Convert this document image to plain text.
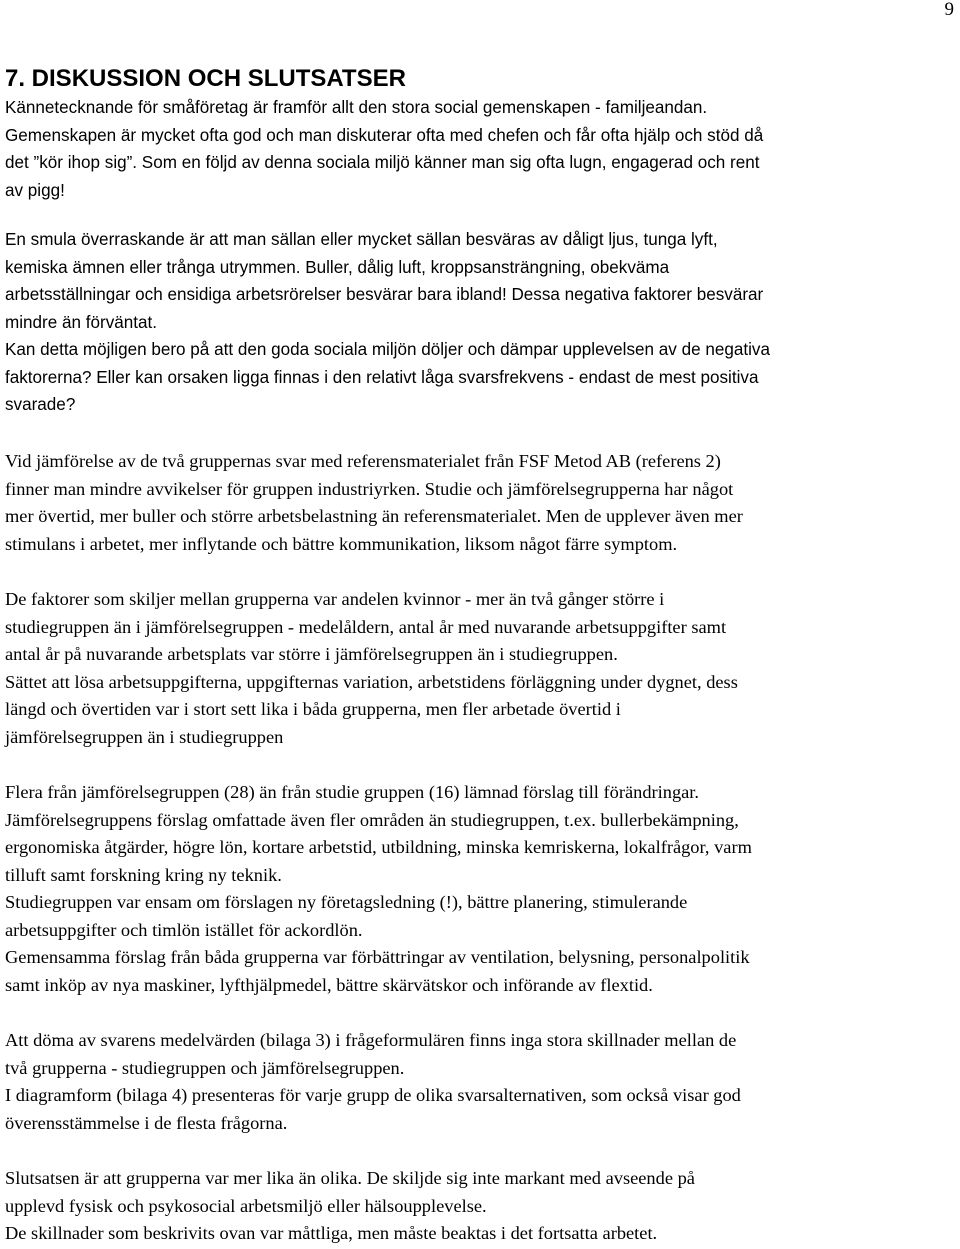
9
7. DISKUSSION OCH SLUTSATSER
Kännetecknande för småföretag är framför allt den stora social gemenskapen - familjeandan.
Gemenskapen är mycket ofta god och man diskuterar ofta med chefen och får ofta hjälp och stöd då
det ”kör ihop sig”. Som en följd av denna sociala miljö känner man sig ofta lugn, engagerad och rent
av pigg!
En smula överraskande är att man sällan eller mycket sällan besväras av dåligt ljus, tunga lyft,
kemiska ämnen eller trånga utrymmen. Buller, dålig luft, kroppsansträngning, obekväma
arbetsställningar och ensidiga arbetsrörelser besvärar bara ibland! Dessa negativa faktorer besvärar
mindre än förväntat.
Kan detta möjligen bero på att den goda sociala miljön döljer och dämpar upplevelsen av de negativa
faktorerna? Eller kan orsaken ligga finnas i den relativt låga svarsfrekvens - endast de mest positiva
svarade?
Vid jämförelse av de två gruppernas svar med referensmaterialet från FSF Metod AB (referens 2)
finner man mindre avvikelser för gruppen industriyrken. Studie och jämförelsegrupperna har något
mer övertid, mer buller och större arbetsbelastning än referensmaterialet. Men de upplever även mer
stimulans i arbetet, mer inflytande och bättre kommunikation, liksom något färre symptom.
De faktorer som skiljer mellan grupperna var andelen kvinnor - mer än två gånger större i
studiegruppen än i jämförelsegruppen - medelåldern, antal år med nuvarande arbetsuppgifter samt
antal år på nuvarande arbetsplats var större i jämförelsegruppen än i studiegruppen.
Sättet att lösa arbetsuppgifterna, uppgifternas variation, arbetstidens förläggning under dygnet, dess
längd och övertiden var i stort sett lika i båda grupperna, men fler arbetade övertid i
jämförelsegruppen än i studiegruppen
Flera från jämförelsegruppen (28) än från studie gruppen (16) lämnad förslag till förändringar.
Jämförelsegruppens förslag omfattade även fler områden än studiegruppen, t.ex. bullerbekämpning,
ergonomiska åtgärder, högre lön, kortare arbetstid, utbildning, minska kemriskerna, lokalfrågor, varm
tilluft samt forskning kring ny teknik.
Studiegruppen var ensam om förslagen ny företagsledning (!), bättre planering, stimulerande
arbetsuppgifter och timlön istället för ackordlön.
Gemensamma förslag från båda grupperna var förbättringar av ventilation, belysning, personalpolitik
samt inköp av nya maskiner, lyfthjälpmedel, bättre skärvätskor och införande av flextid.
Att döma av svarens medelvärden (bilaga 3) i frågeformulären finns inga stora skillnader mellan de
två grupperna - studiegruppen och jämförelsegruppen.
I diagramform (bilaga 4) presenteras för varje grupp de olika svarsalternativen, som också visar god
överensstämmelse i de flesta frågorna.
Slutsatsen är att grupperna var mer lika än olika. De skiljde sig inte markant med avseende på
upplevd fysisk och psykosocial arbetsmiljö eller hälsoupplevelse.
De skillnader som beskrivits ovan var måttliga, men måste beaktas i det fortsatta arbetet.
